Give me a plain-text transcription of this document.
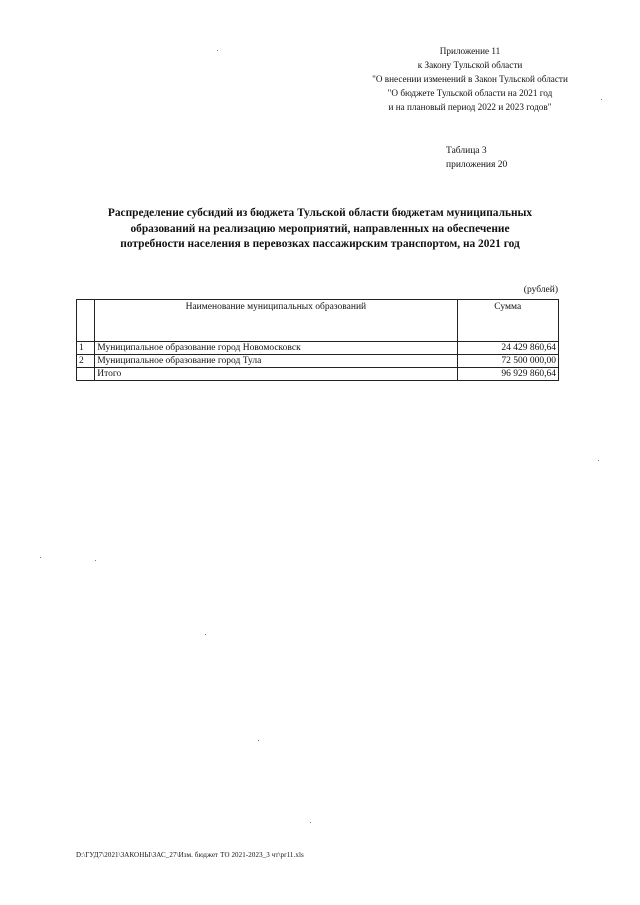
Приложение 11
к Закону Тульской области
"О внесении изменений в Закон Тульской области
"О бюджете Тульской области на 2021 год
и на плановый период 2022 и 2023 годов"
Таблица 3
приложения 20
Распределение субсидий из бюджета Тульской области бюджетам муниципальных
образований на реализацию мероприятий, направленных на обеспечение
потребности населения в перевозках пассажирским транспортом, на 2021 год
(рублей)
	Наименование муниципальных образований	Сумма
1	Муниципальное образование город Новомосковск	24 429 860,64
2	Муниципальное образование город Тула	72 500 000,00
	Итого	96 929 860,64
D:\ГУД7\2021\ЗАКОНЫ\ЗАС_27\Изм. бюджет ТО 2021-2023_3 чт\pr11.xls
